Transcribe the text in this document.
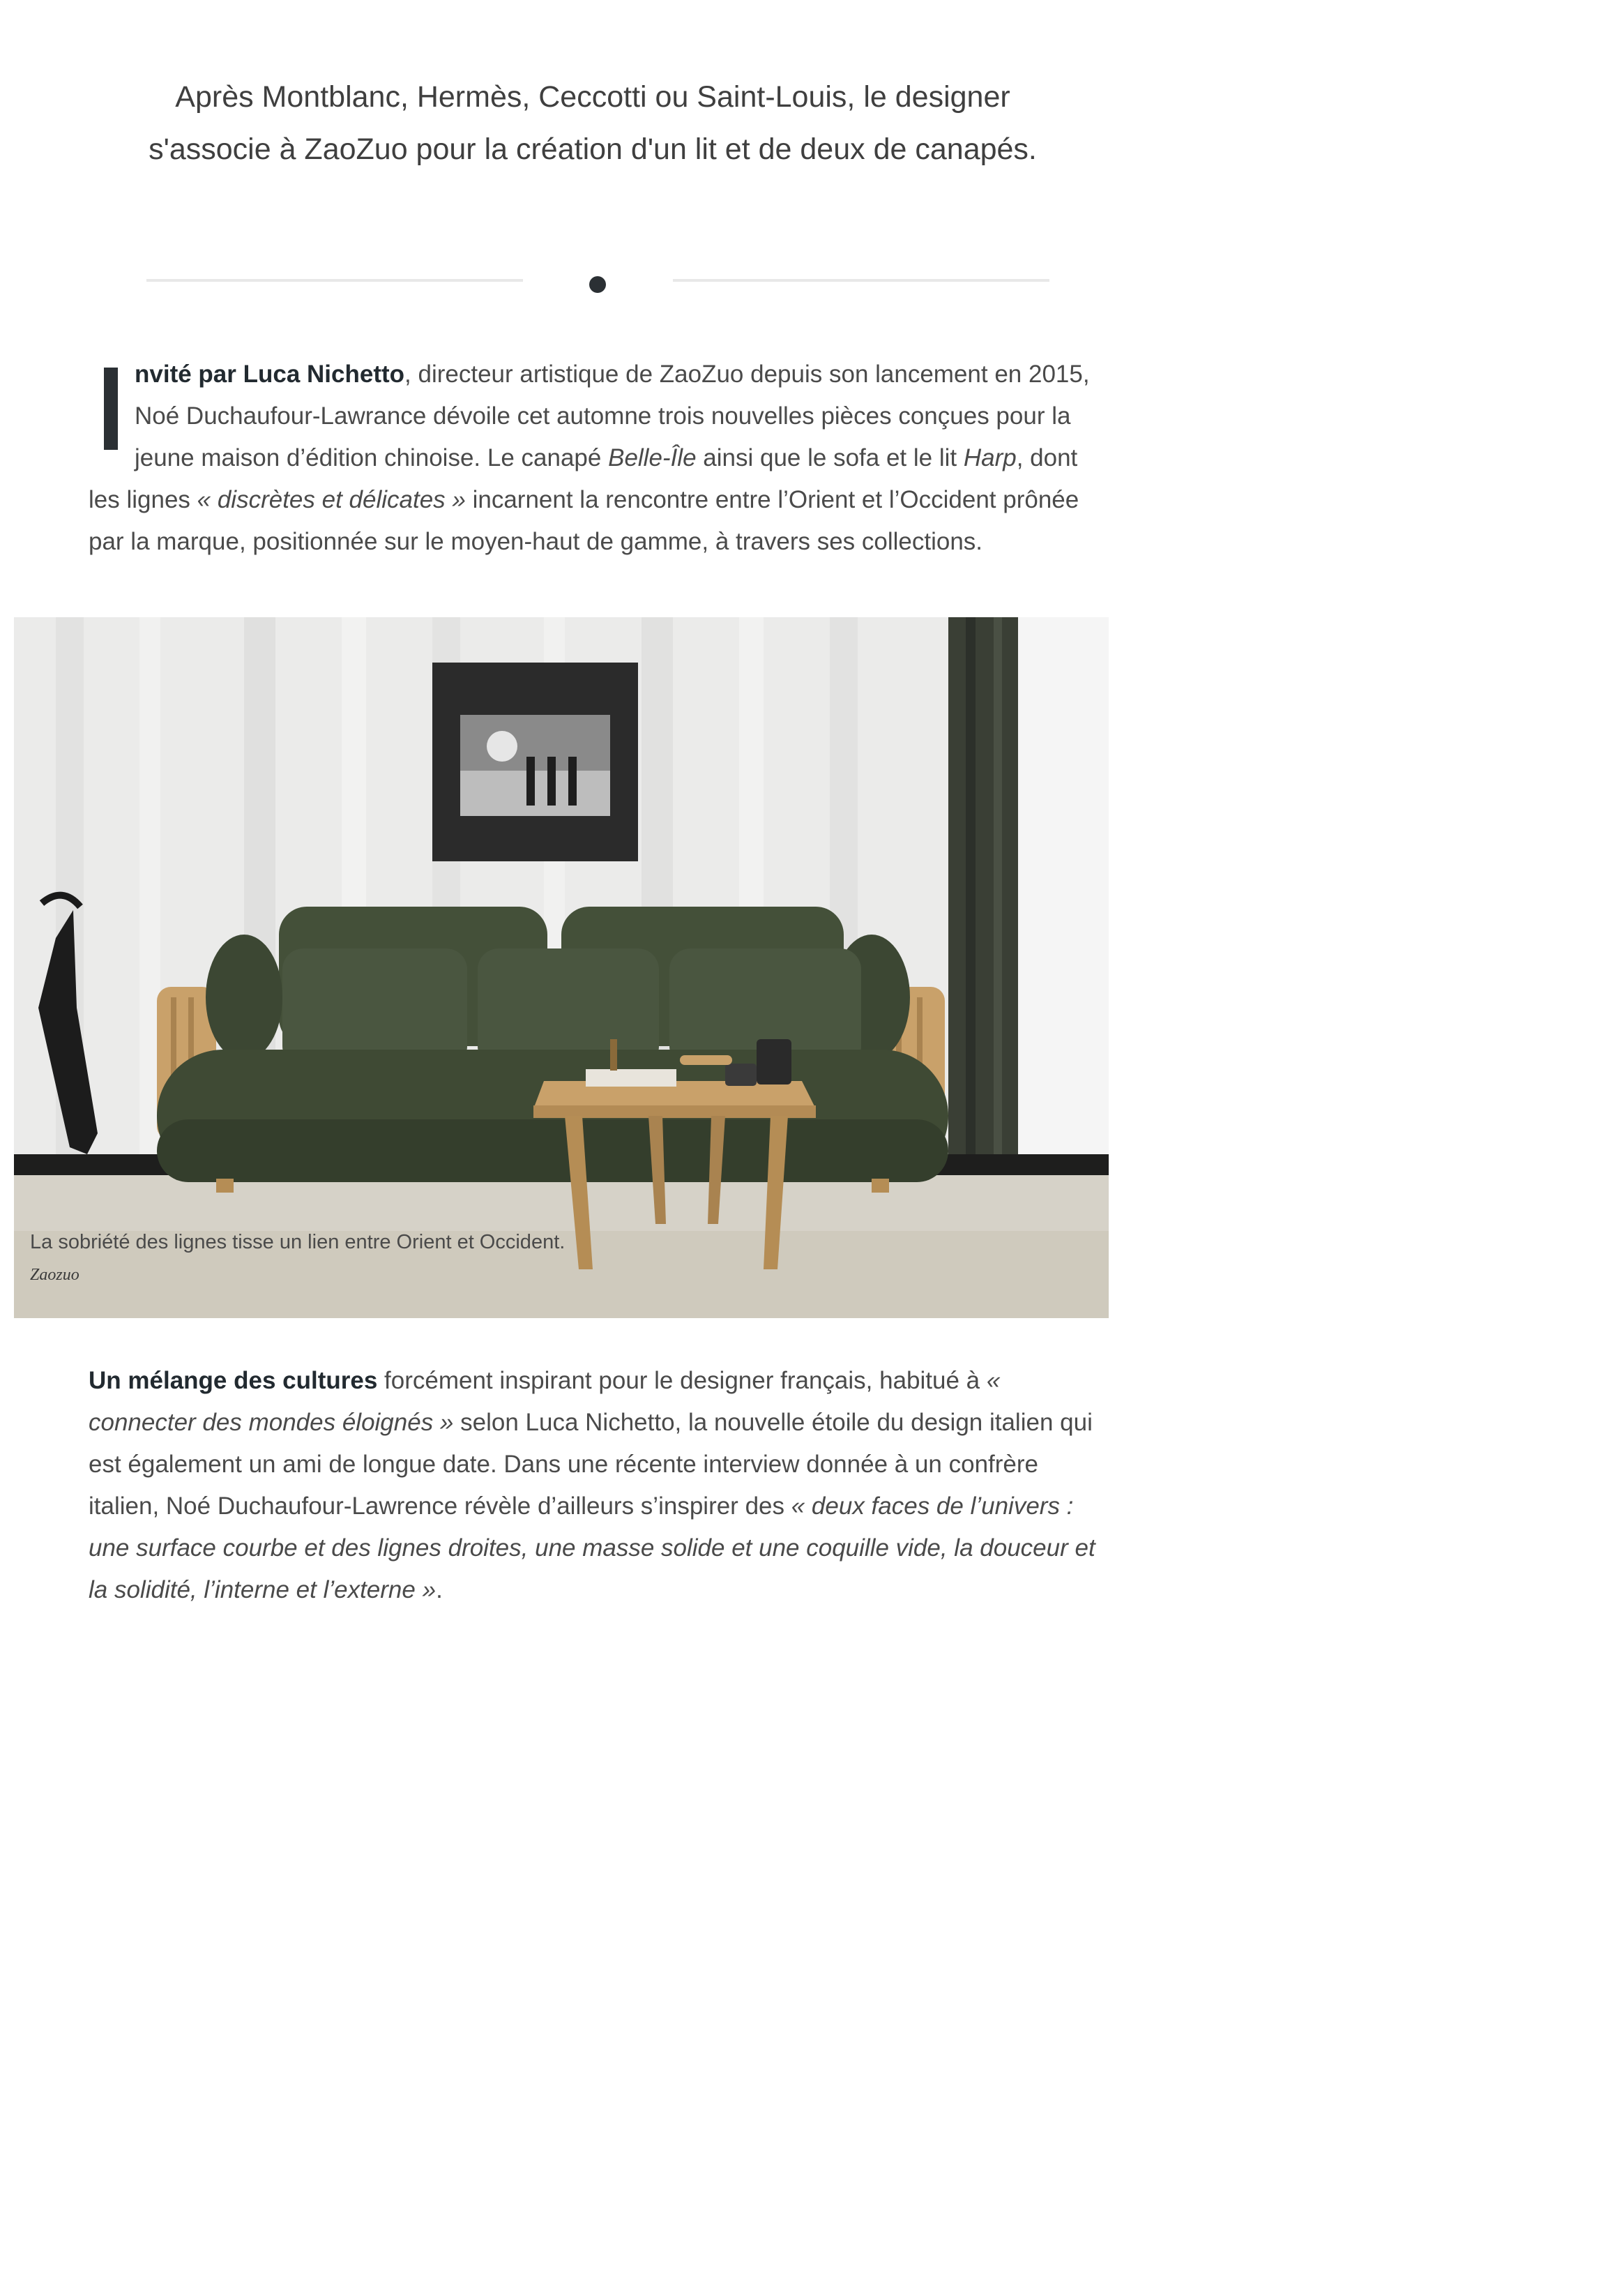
Après Montblanc, Hermès, Ceccotti ou Saint-Louis, le designer
s'associe à ZaoZuo pour la création d'un lit et de deux de canapés.
nvité par Luca Nichetto, directeur artistique de ZaoZuo depuis son lancement en 2015, Noé Duchaufour-Lawrance dévoile cet automne trois nouvelles pièces conçues pour la jeune maison d’édition chinoise. Le canapé Belle-Île ainsi que le sofa et le lit Harp, dont les lignes « discrètes et délicates » incarnent la rencontre entre l’Orient et l’Occident prônée par la marque, positionnée sur le moyen-haut de gamme, à travers ses collections.
La sobriété des lignes tisse un lien entre Orient et Occident.
Zaozuo
Un mélange des cultures forcément inspirant pour le designer français, habitué à « connecter des mondes éloignés » selon Luca Nichetto, la nouvelle étoile du design italien qui est également un ami de longue date. Dans une récente interview donnée à un confrère italien, Noé Duchaufour-Lawrence révèle d’ailleurs s’inspirer des « deux faces de l’univers : une surface courbe et des lignes droites, une masse solide et une coquille vide, la douceur et la solidité, l’interne et l’externe ».
